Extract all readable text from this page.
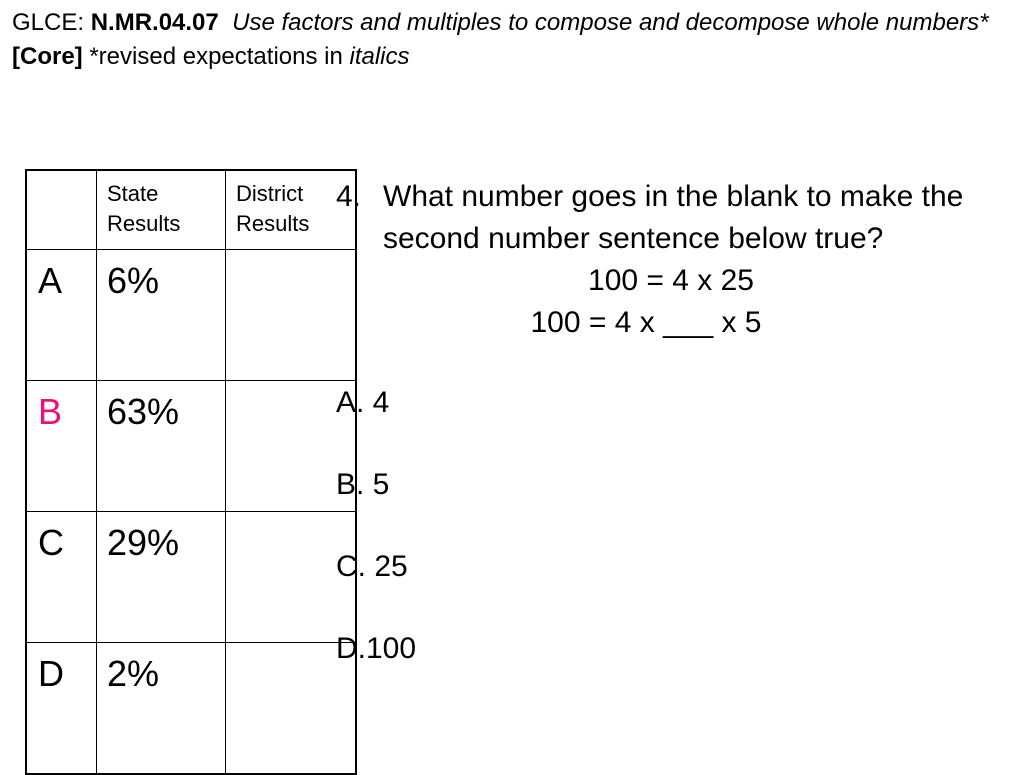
GLCE: N.MR.04.07 Use factors and multiples to compose and decompose whole numbers* [Core] *revised expectations in italics
	State Results	District Results
A	6%	
B	63%	
C	29%	
D	2%	
4. What number goes in the blank to make the second number sentence below true?
100 = 4 x 25
100 = 4 x ___ x 5
A. 4
B. 5
C. 25
D.100
